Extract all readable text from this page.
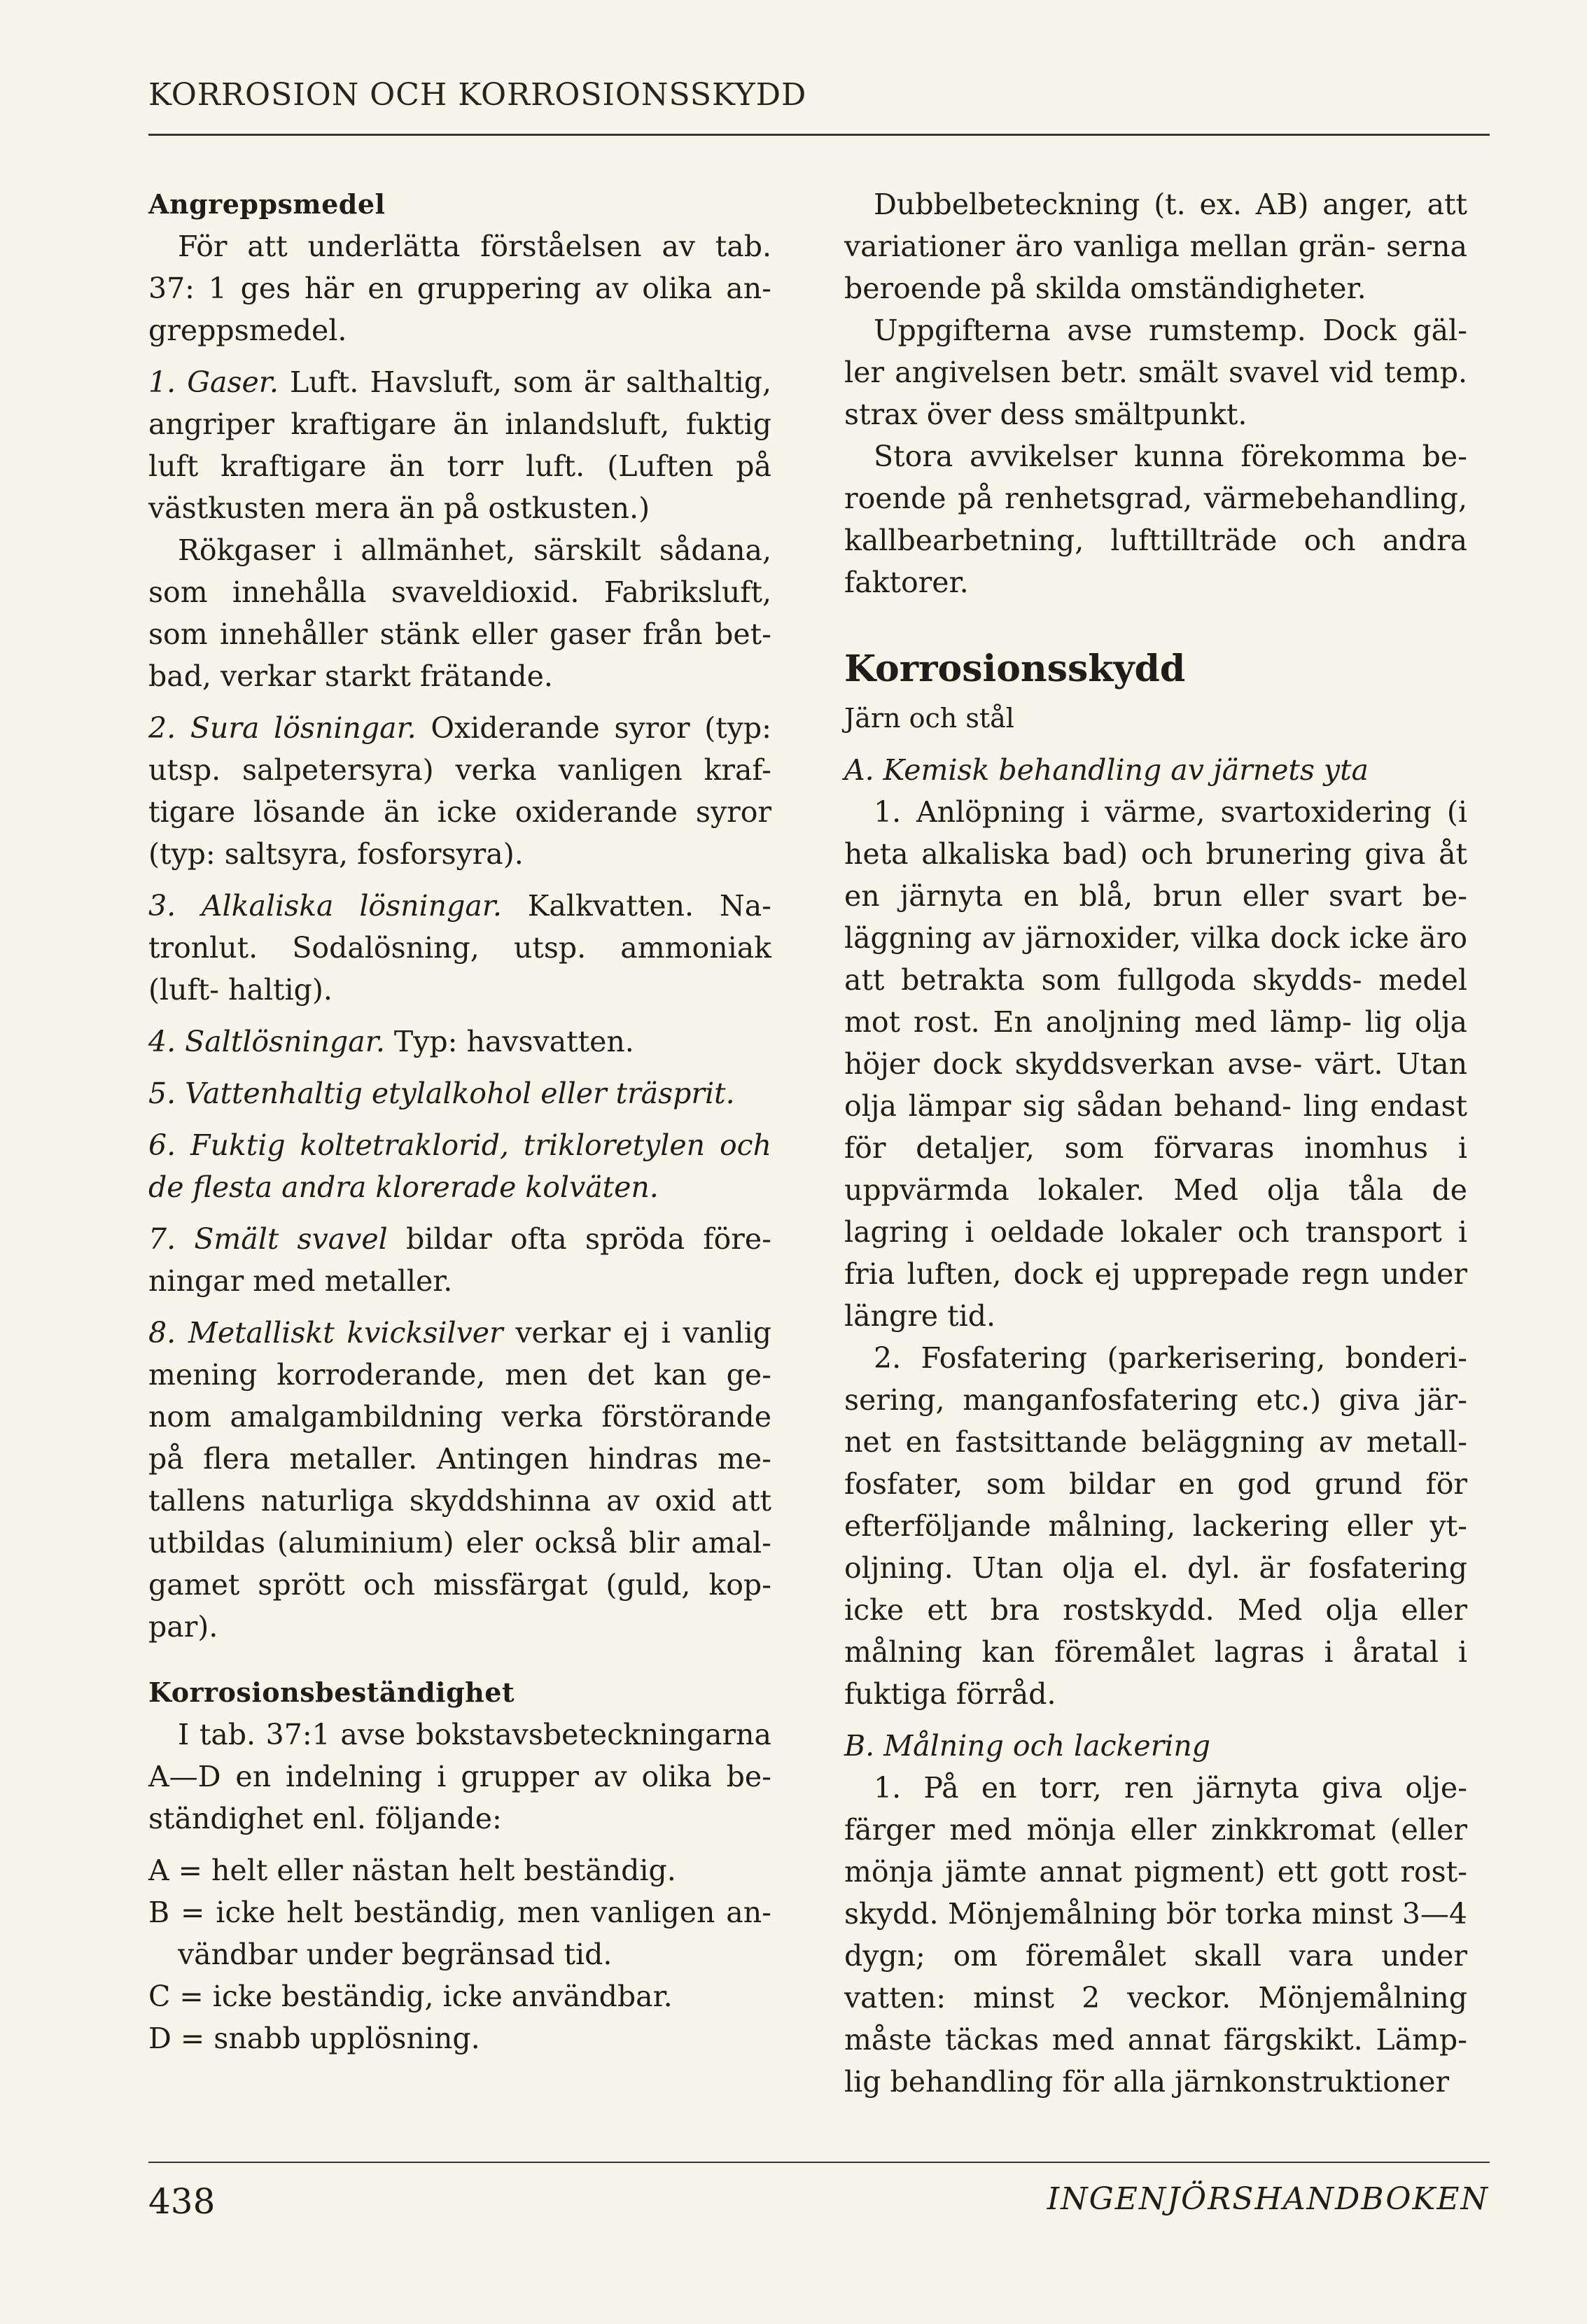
KORROSION OCH KORROSIONSSKYDD

Angreppsmedel

För att underlätta förståelsen av tab. 37: 1 ges här en gruppering av olika an- greppsmedel.

1. Gaser. Luft. Havsluft, som är salthaltig, angriper kraftigare än inlandsluft, fuktig luft kraftigare än torr luft. (Luften på västkusten mera än på ostkusten.)

Rökgaser i allmänhet, särskilt sådana, som innehålla svaveldioxid. Fabriksluft, som innehåller stänk eller gaser från bet- bad, verkar starkt frätande.

2. Sura lösningar. Oxiderande syror (typ: utsp. salpetersyra) verka vanligen kraf- tigare lösande än icke oxiderande syror (typ: saltsyra, fosforsyra).

3. Alkaliska lösningar. Kalkvatten. Na- tronlut. Sodalösning, utsp. ammoniak (luft- haltig).

4. Saltlösningar. Typ: havsvatten.

5. Vattenhaltig etylalkohol eller träsprit.

6. Fuktig koltetraklorid, trikloretylen och de flesta andra klorerade kolväten.

7. Smält svavel bildar ofta spröda före- ningar med metaller.

8. Metalliskt kvicksilver verkar ej i vanlig mening korroderande, men det kan ge- nom amalgambildning verka förstörande på flera metaller. Antingen hindras me- tallens naturliga skyddshinna av oxid att utbildas (aluminium) eler också blir amal- gamet sprött och missfärgat (guld, kop- par).

Korrosionsbeständighet

I tab. 37:1 avse bokstavsbeteckningarna A—D en indelning i grupper av olika be- ständighet enl. följande:

A = helt eller nästan helt beständig.

B = icke helt beständig, men vanligen an- vändbar under begränsad tid.

C = icke beständig, icke användbar.

D = snabb upplösning.

Dubbelbeteckning (t. ex. AB) anger, att variationer äro vanliga mellan grän- serna beroende på skilda omständigheter.

Uppgifterna avse rumstemp. Dock gäl- ler angivelsen betr. smält svavel vid temp. strax över dess smältpunkt.

Stora avvikelser kunna förekomma be- roende på renhetsgrad, värmebehandling, kallbearbetning, lufttillträde och andra faktorer.

Korrosionsskydd

Järn och stål

A. Kemisk behandling av järnets yta

1. Anlöpning i värme, svartoxidering (i heta alkaliska bad) och brunering giva åt en järnyta en blå, brun eller svart be- läggning av järnoxider, vilka dock icke äro att betrakta som fullgoda skydds- medel mot rost. En anoljning med lämp- lig olja höjer dock skyddsverkan avse- värt. Utan olja lämpar sig sådan behand- ling endast för detaljer, som förvaras inomhus i uppvärmda lokaler. Med olja tåla de lagring i oeldade lokaler och transport i fria luften, dock ej upprepade regn under längre tid.

2. Fosfatering (parkerisering, bonderi- sering, manganfosfatering etc.) giva jär- net en fastsittande beläggning av metall- fosfater, som bildar en god grund för efterföljande målning, lackering eller yt- oljning. Utan olja el. dyl. är fosfatering icke ett bra rostskydd. Med olja eller målning kan föremålet lagras i åratal i fuktiga förråd.

B. Målning och lackering

1. På en torr, ren järnyta giva olje- färger med mönja eller zinkkromat (eller mönja jämte annat pigment) ett gott rost- skydd. Mönjemålning bör torka minst 3—4 dygn; om föremålet skall vara under vatten: minst 2 veckor. Mönjemålning måste täckas med annat färgskikt. Lämp- lig behandling för alla järnkonstruktioner

438	INGENJÖRSHANDBOKEN
